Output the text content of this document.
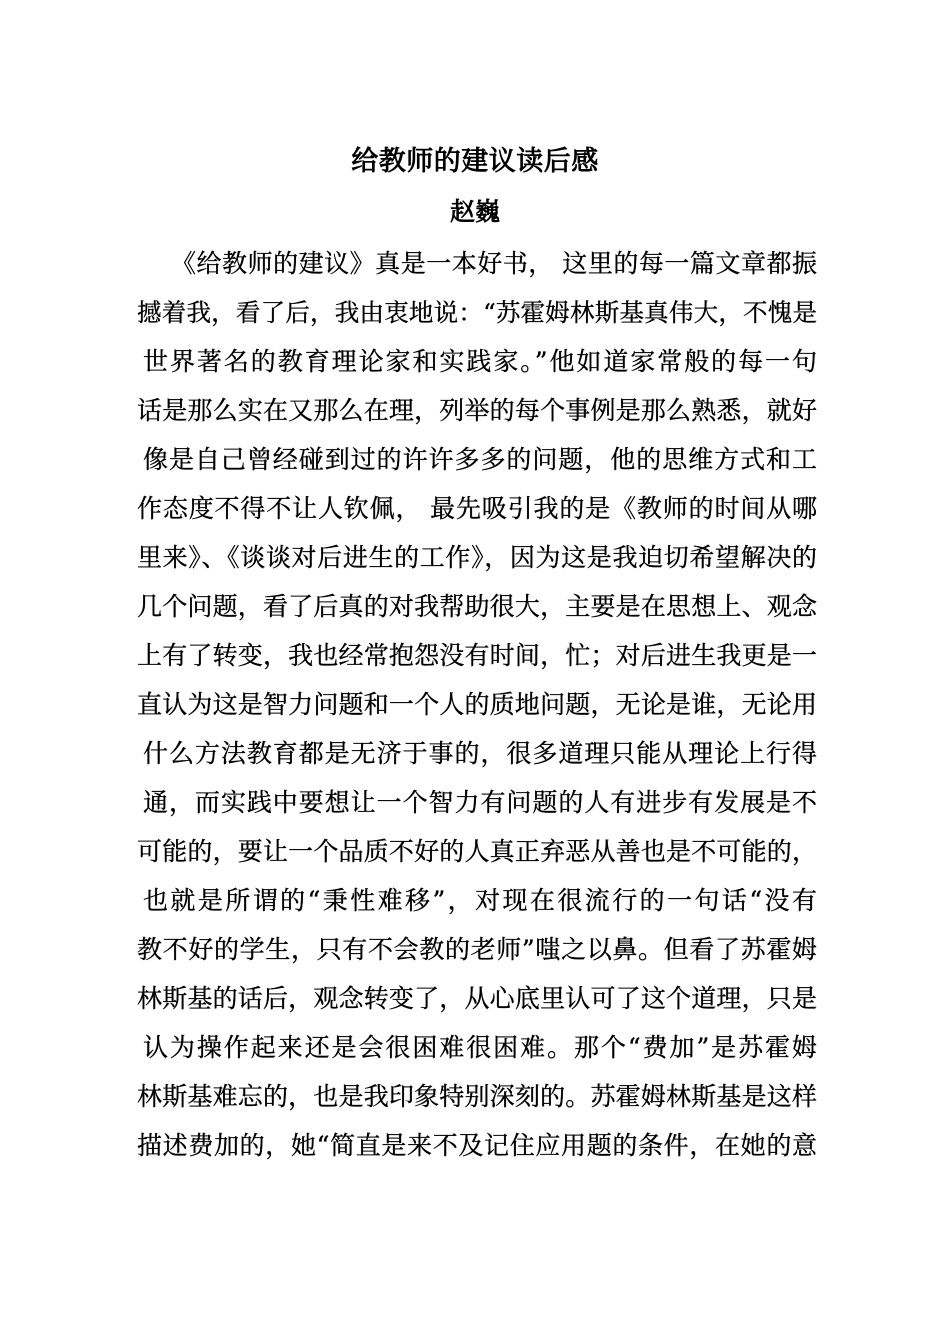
给教师的建议读后感
赵巍
《给教师的建议》真是一本好书， 这里的每一篇文章都振
撼着我，看了后，我由衷地说：“苏霍姆林斯基真伟大，不愧是
世界著名的教育理论家和实践家。”他如道家常般的每一句
话是那么实在又那么在理，列举的每个事例是那么熟悉，就好
像是自己曾经碰到过的许许多多的问题，他的思维方式和工
作态度不得不让人钦佩， 最先吸引我的是《教师的时间从哪
里来》、《谈谈对后进生的工作》，因为这是我迫切希望解决的
几个问题，看了后真的对我帮助很大，主要是在思想上、观念
上有了转变，我也经常抱怨没有时间，忙；对后进生我更是一
直认为这是智力问题和一个人的质地问题，无论是谁，无论用
什么方法教育都是无济于事的，很多道理只能从理论上行得
通，而实践中要想让一个智力有问题的人有进步有发展是不
可能的，要让一个品质不好的人真正弃恶从善也是不可能的，
也就是所谓的“秉性难移”，对现在很流行的一句话“没有
教不好的学生，只有不会教的老师”嗤之以鼻。但看了苏霍姆
林斯基的话后，观念转变了，从心底里认可了这个道理，只是
认为操作起来还是会很困难很困难。那个“费加”是苏霍姆
林斯基难忘的，也是我印象特别深刻的。苏霍姆林斯基是这样
描述费加的，她“简直是来不及记住应用题的条件，在她的意
